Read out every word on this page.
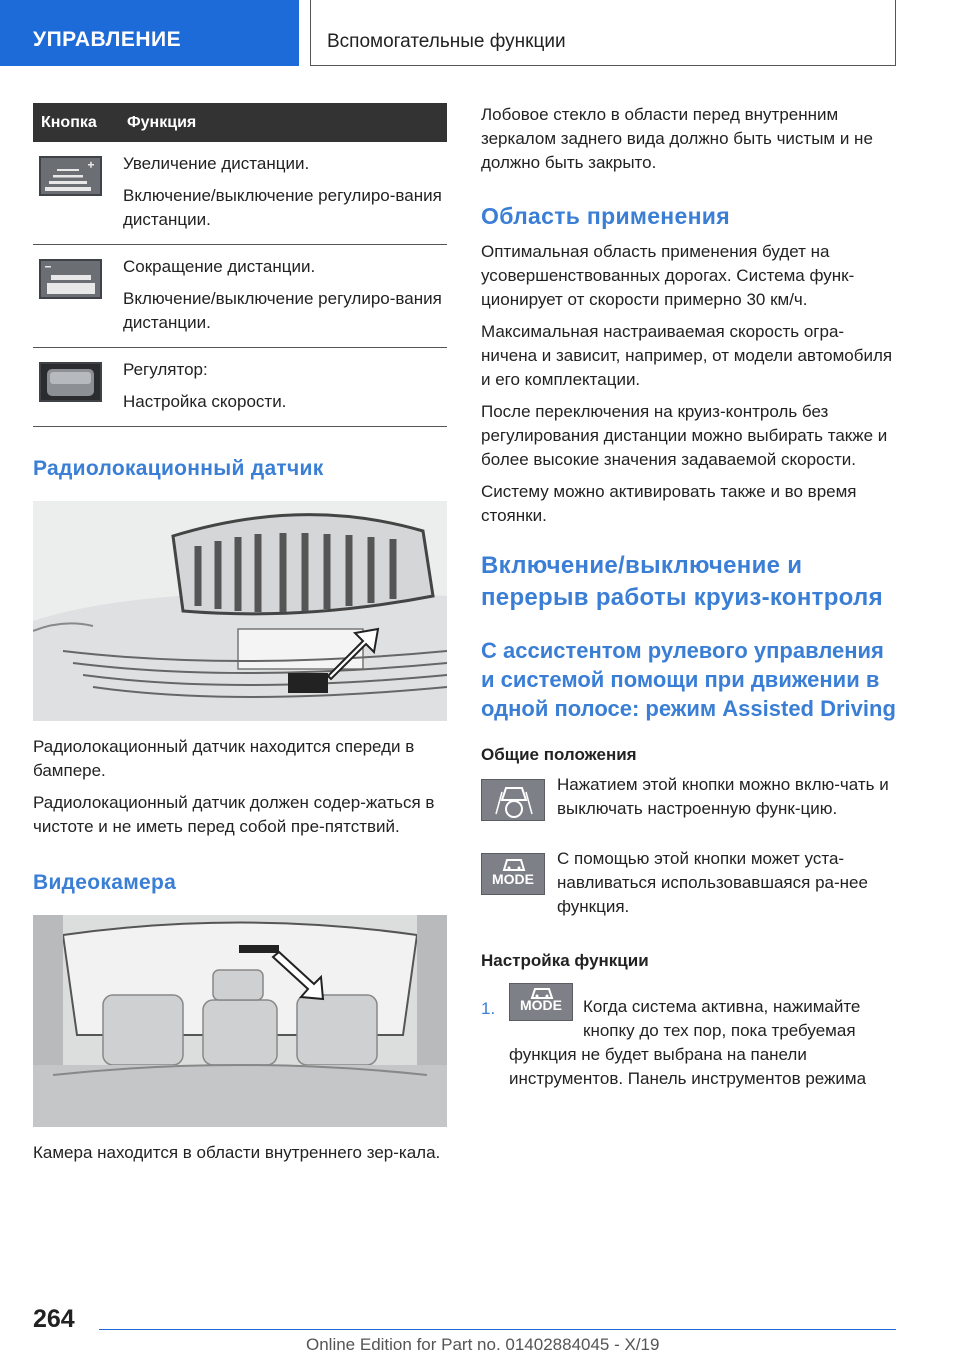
УПРАВЛЕНИЕ	Вспомогательные функции
Кнопка	Функция

Увеличение дистанции.

Включение/выключение регулиро-вания дистанции.

Сокращение дистанции.

Включение/выключение регулиро-вания дистанции.

Регулятор:

Настройка скорости.

Радиолокационный датчик

Радиолокационный датчик находится спереди в бампере.

Радиолокационный датчик должен содер-жаться в чистоте и не иметь перед собой пре-пятствий.

Видеокамера

Камера находится в области внутреннего зер-кала.

Лобовое стекло в области перед внутренним зеркалом заднего вида должно быть чистым и не должно быть закрыто.

Область применения

Оптимальная область применения будет на усовершенствованных дорогах. Система функ-ционирует от скорости примерно 30 км/ч.

Максимальная настраиваемая скорость огра-ничена и зависит, например, от модели автомобиля и его комплектации.

После переключения на круиз-контроль без регулирования дистанции можно выбирать также и более высокие значения задаваемой скорости.

Систему можно активировать также и во время стоянки.

Включение/выключение и перерыв работы круиз-контроля
С ассистентом рулевого управления и системой помощи при движении в одной полосе: режим Assisted Driving
Общие положения
Нажатием этой кнопки можно вклю-чать и выключать настроенную функ-цию.
MODE
С помощью этой кнопки может уста-навливаться использовавшаяся ра-нее функция.
Настройка функции
1.	MODE	Когда система активна, нажимайте кнопку до тех пор, пока требуемая функция не будет выбрана на панели инструментов. Панель инструментов режима
264
Online Edition for Part no. 01402884045 - X/19
